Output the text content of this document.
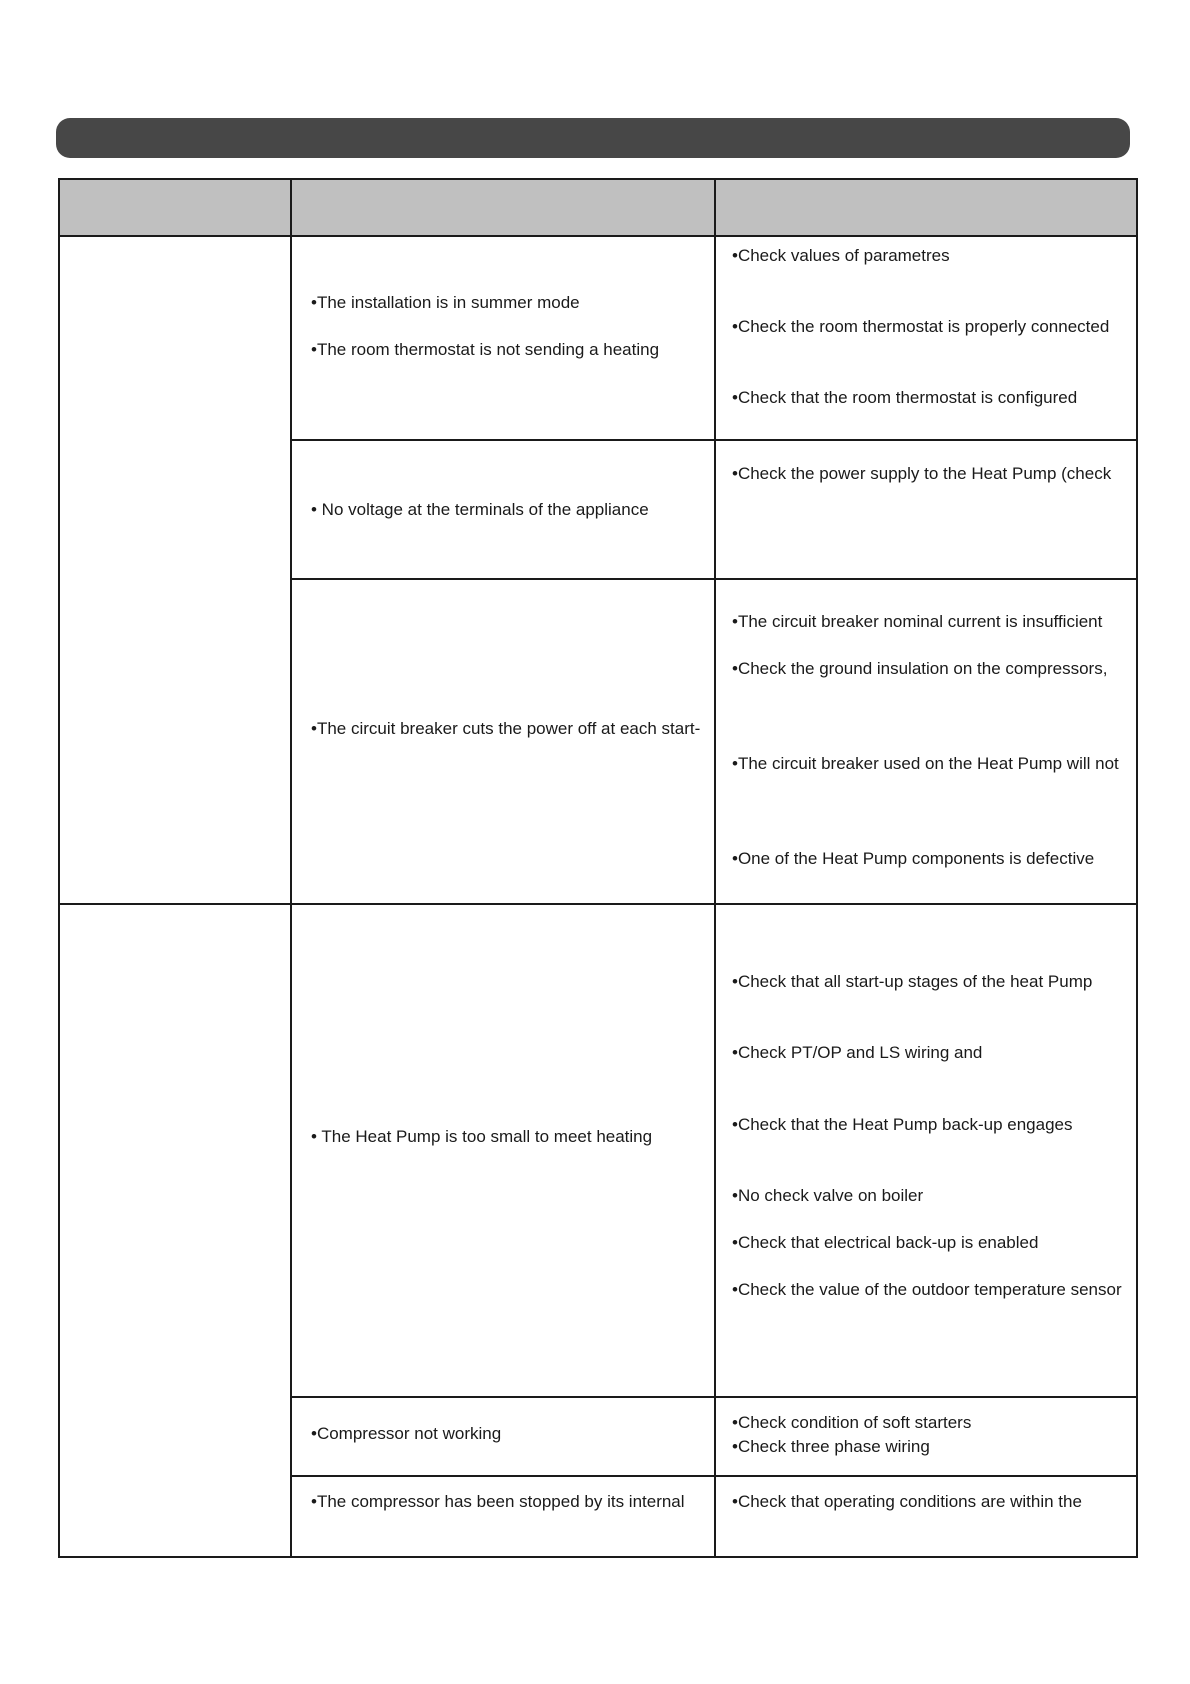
•The installation is in summer mode
•The room thermostat is not sending a heating
•Check values of parametres
•Check the room thermostat is properly connected
•Check that the room thermostat is configured
• No voltage at the terminals of the appliance
•Check the power supply to the Heat Pump (check
•The circuit breaker cuts the power off at each start-
•The circuit breaker nominal current is insufficient
•Check the ground insulation on the compressors,
•The circuit breaker used on the Heat Pump will not
•One of the Heat Pump components is defective
• The Heat Pump is too small to meet heating
•Check that all start-up stages of the heat Pump
•Check PT/OP and LS wiring and
•Check that the Heat Pump back-up engages
•No check valve on boiler
•Check that electrical back-up is enabled
•Check the value of the outdoor temperature sensor
•Compressor not working
•Check condition of soft starters
•Check three phase wiring
•The compressor has been stopped by its internal	•Check that operating conditions are within the
